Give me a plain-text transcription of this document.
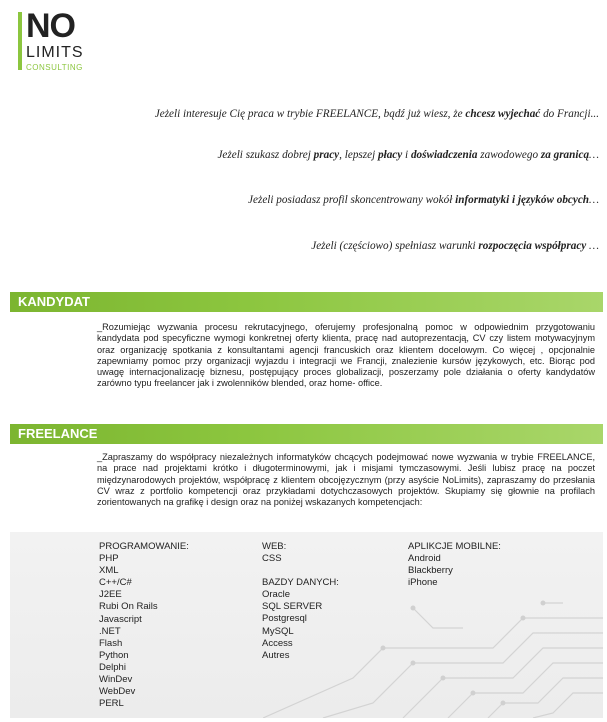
NO
LIMITS
CONSULTING
Jeżeli interesuje Cię praca w trybie FREELANCE, bądź już wiesz, że chcesz wyjechać do Francji...
Jeżeli szukasz dobrej pracy, lepszej płacy i doświadczenia zawodowego za granicą…
Jeżeli posiadasz profil skoncentrowany wokół informatyki i języków obcych…
Jeżeli (częściowo) spełniasz warunki rozpoczęcia współpracy …
KANDYDAT
_Rozumiejąc wyzwania procesu rekrutacyjnego, oferujemy profesjonalną pomoc w odpowiednim przygotowaniu kandydata pod specyficzne wymogi konkretnej oferty klienta, pracę nad autoprezentacją, CV czy listem motywacyjnym oraz organizację spotkania z konsultantami agencji francuskich oraz klientem docelowym. Co więcej , opcjonalnie zapewniamy pomoc przy organizacji wyjazdu i integracji we Francji, znalezienie kursów językowych, etc. Biorąc pod uwagę internacjonalizację biznesu, postępujący proces globalizacji, poszerzamy pole działania o oferty kandydatów zarówno typu freelancer jak i zwolenników blended, oraz home- office.
FREELANCE
_Zapraszamy do współpracy niezależnych informatyków chcących podejmować nowe wyzwania w trybie FREELANCE, na prace nad projektami krótko i długoterminowymi, jak i misjami tymczasowymi. Jeśli lubisz pracę na poczet międzynarodowych projektów, współpracę z klientem obcojęzycznym (przy asyście NoLimits), zapraszamy do przesłania CV wraz z portfolio kompetencji oraz przykładami dotychczasowych projektów. Skupiamy się głownie na profilach zorientowanych na grafikę i design oraz na poniżej wskazanych kompetencjach:
PROGRAMOWANIE:
PHP
XML
C++/C#
J2EE
Rubi On Rails
Javascript
.NET
Flash
Python
Delphi
WinDev
WebDev
PERL
WEB:
CSS
BAZDY DANYCH:
Oracle
SQL SERVER
Postgresql
MySQL
Access
Autres
APLIKCJE MOBILNE:
Android
Blackberry
iPhone
